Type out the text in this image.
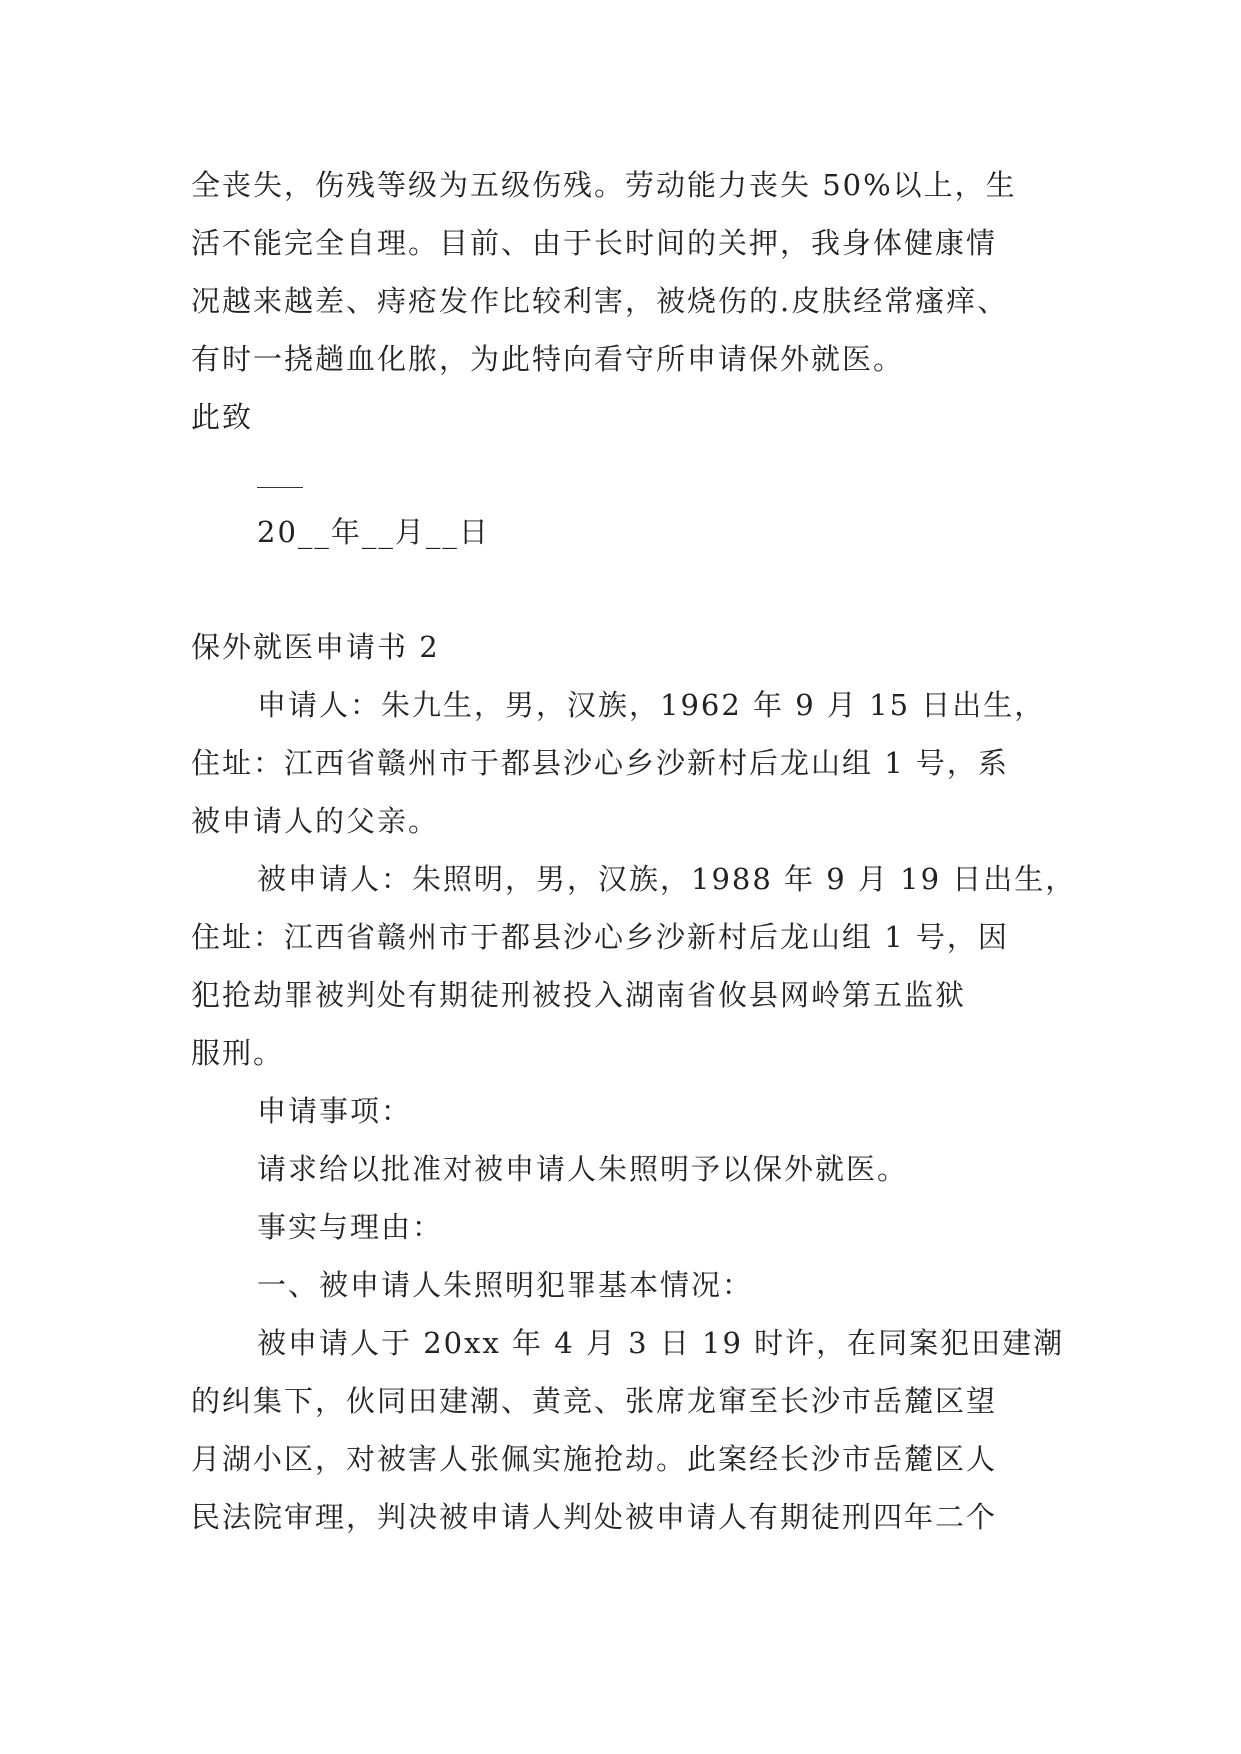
全丧失，伤残等级为五级伤残。劳动能力丧失 50%以上，生
活不能完全自理。目前、由于长时间的关押，我身体健康情
况越来越差、痔疮发作比较利害，被烧伤的.皮肤经常瘙痒、
有时一挠趟血化脓，为此特向看守所申请保外就医。
此致
20__年__月__日
保外就医申请书 2
申请人：朱九生，男，汉族，1962 年 9 月 15 日出生，
住址：江西省赣州市于都县沙心乡沙新村后龙山组 1 号，系
被申请人的父亲。
被申请人：朱照明，男，汉族，1988 年 9 月 19 日出生，
住址：江西省赣州市于都县沙心乡沙新村后龙山组 1 号，因
犯抢劫罪被判处有期徒刑被投入湖南省攸县网岭第五监狱
服刑。
申请事项：
请求给以批准对被申请人朱照明予以保外就医。
事实与理由：
一、被申请人朱照明犯罪基本情况：
被申请人于 20xx 年 4 月 3 日 19 时许，在同案犯田建潮
的纠集下，伙同田建潮、黄竞、张席龙窜至长沙市岳麓区望
月湖小区，对被害人张佩实施抢劫。此案经长沙市岳麓区人
民法院审理，判决被申请人判处被申请人有期徒刑四年二个
